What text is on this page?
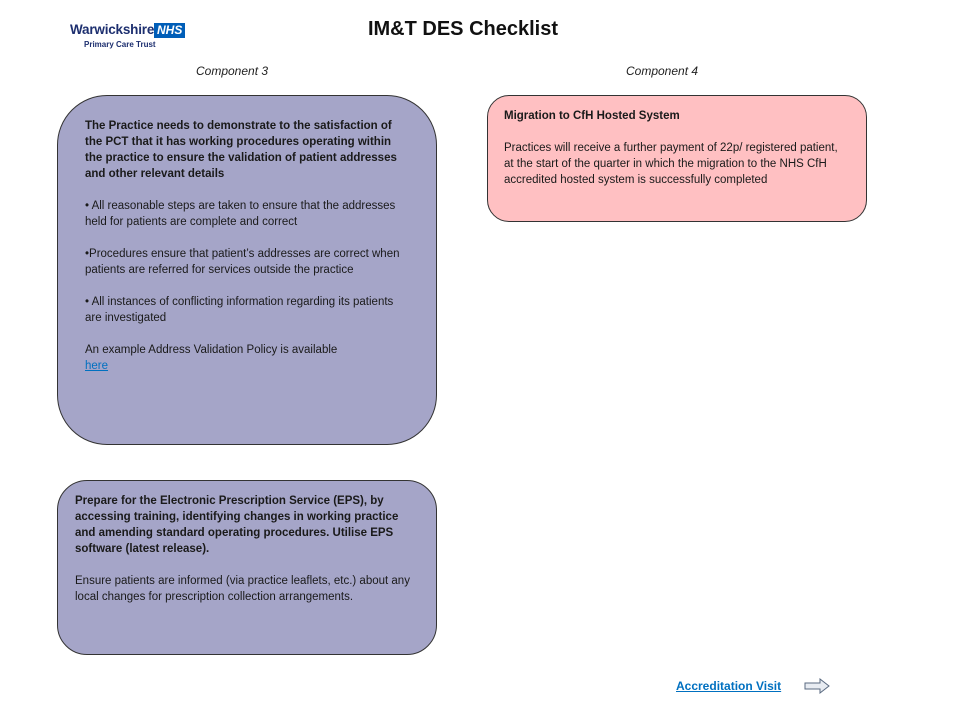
Warwickshire NHS
Primary Care Trust
IM&T DES Checklist
Component 3	Component 4

The Practice needs to demonstrate to the satisfaction of the PCT that it has working procedures operating within the practice to ensure the validation of patient addresses and other relevant details

• All reasonable steps are taken to ensure that the addresses held for patients are complete and correct

•Procedures ensure that patient’s addresses are correct when patients are referred for services outside the practice

• All instances of conflicting information regarding its patients are investigated

An example Address Validation Policy is available
here

Migration to CfH Hosted System

Practices will receive a further payment of 22p/ registered patient, at the start of the quarter in which the migration to the NHS CfH accredited hosted system is successfully completed

Prepare for the Electronic Prescription Service (EPS), by accessing training, identifying changes in working practice and amending standard operating procedures. Utilise EPS software (latest release).

Ensure patients are informed (via practice leaflets, etc.) about any local changes for prescription collection arrangements.

Accreditation Visit
